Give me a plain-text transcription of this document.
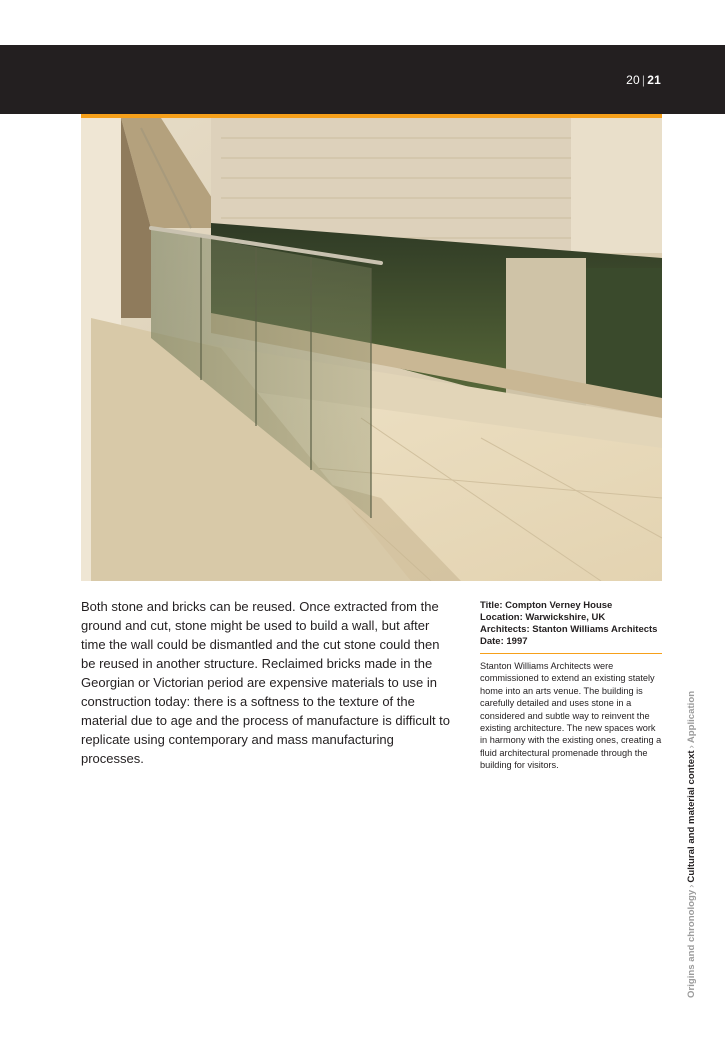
20 | 21

Both stone and bricks can be reused. Once extracted from the ground and cut, stone might be used to build a wall, but after time the wall could be dismantled and the cut stone could then be reused in another structure. Reclaimed bricks made in the Georgian or Victorian period are expensive materials to use in construction today: there is a softness to the texture of the material due to age and the process of manufacture is difficult to replicate using contemporary and mass manufacturing processes.

Title: Compton Verney House
Location: Warwickshire, UK
Architects: Stanton Williams Architects
Date: 1997
Stanton Williams Architects were commissioned to extend an existing stately home into an arts venue. The building is carefully detailed and uses stone in a considered and subtle way to reinvent the existing architecture. The new spaces work in harmony with the existing ones, creating a fluid architectural promenade through the building for visitors.
Origins and chronology›Cultural and material context›Application
